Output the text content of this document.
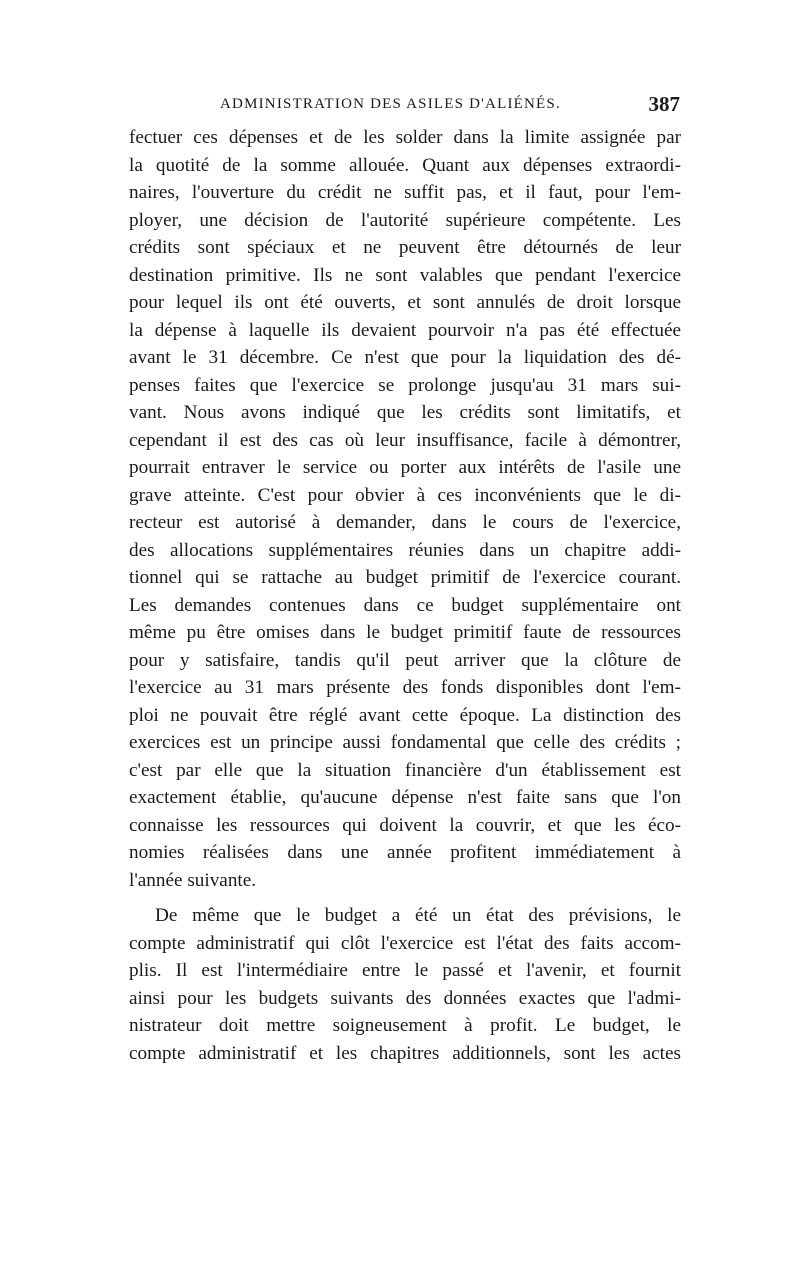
ADMINISTRATION DES ASILES D'ALIÉNÉS.	387
fectuer ces dépenses et de les solder dans la limite assignée par
la quotité de la somme allouée. Quant aux dépenses extraordi-
naires, l'ouverture du crédit ne suffit pas, et il faut, pour l'em-
ployer, une décision de l'autorité supérieure compétente. Les
crédits sont spéciaux et ne peuvent être détournés de leur
destination primitive. Ils ne sont valables que pendant l'exercice
pour lequel ils ont été ouverts, et sont annulés de droit lorsque
la dépense à laquelle ils devaient pourvoir n'a pas été effectuée
avant le 31 décembre. Ce n'est que pour la liquidation des dé-
penses faites que l'exercice se prolonge jusqu'au 31 mars sui-
vant. Nous avons indiqué que les crédits sont limitatifs, et
cependant il est des cas où leur insuffisance, facile à démontrer,
pourrait entraver le service ou porter aux intérêts de l'asile une
grave atteinte. C'est pour obvier à ces inconvénients que le di-
recteur est autorisé à demander, dans le cours de l'exercice,
des allocations supplémentaires réunies dans un chapitre addi-
tionnel qui se rattache au budget primitif de l'exercice courant.
Les demandes contenues dans ce budget supplémentaire ont
même pu être omises dans le budget primitif faute de ressources
pour y satisfaire, tandis qu'il peut arriver que la clôture de
l'exercice au 31 mars présente des fonds disponibles dont l'em-
ploi ne pouvait être réglé avant cette époque. La distinction des
exercices est un principe aussi fondamental que celle des crédits ;
c'est par elle que la situation financière d'un établissement est
exactement établie, qu'aucune dépense n'est faite sans que l'on
connaisse les ressources qui doivent la couvrir, et que les éco-
nomies réalisées dans une année profitent immédiatement à
l'année suivante.
De même que le budget a été un état des prévisions, le
compte administratif qui clôt l'exercice est l'état des faits accom-
plis. Il est l'intermédiaire entre le passé et l'avenir, et fournit
ainsi pour les budgets suivants des données exactes que l'admi-
nistrateur doit mettre soigneusement à profit. Le budget, le
compte administratif et les chapitres additionnels, sont les actes
